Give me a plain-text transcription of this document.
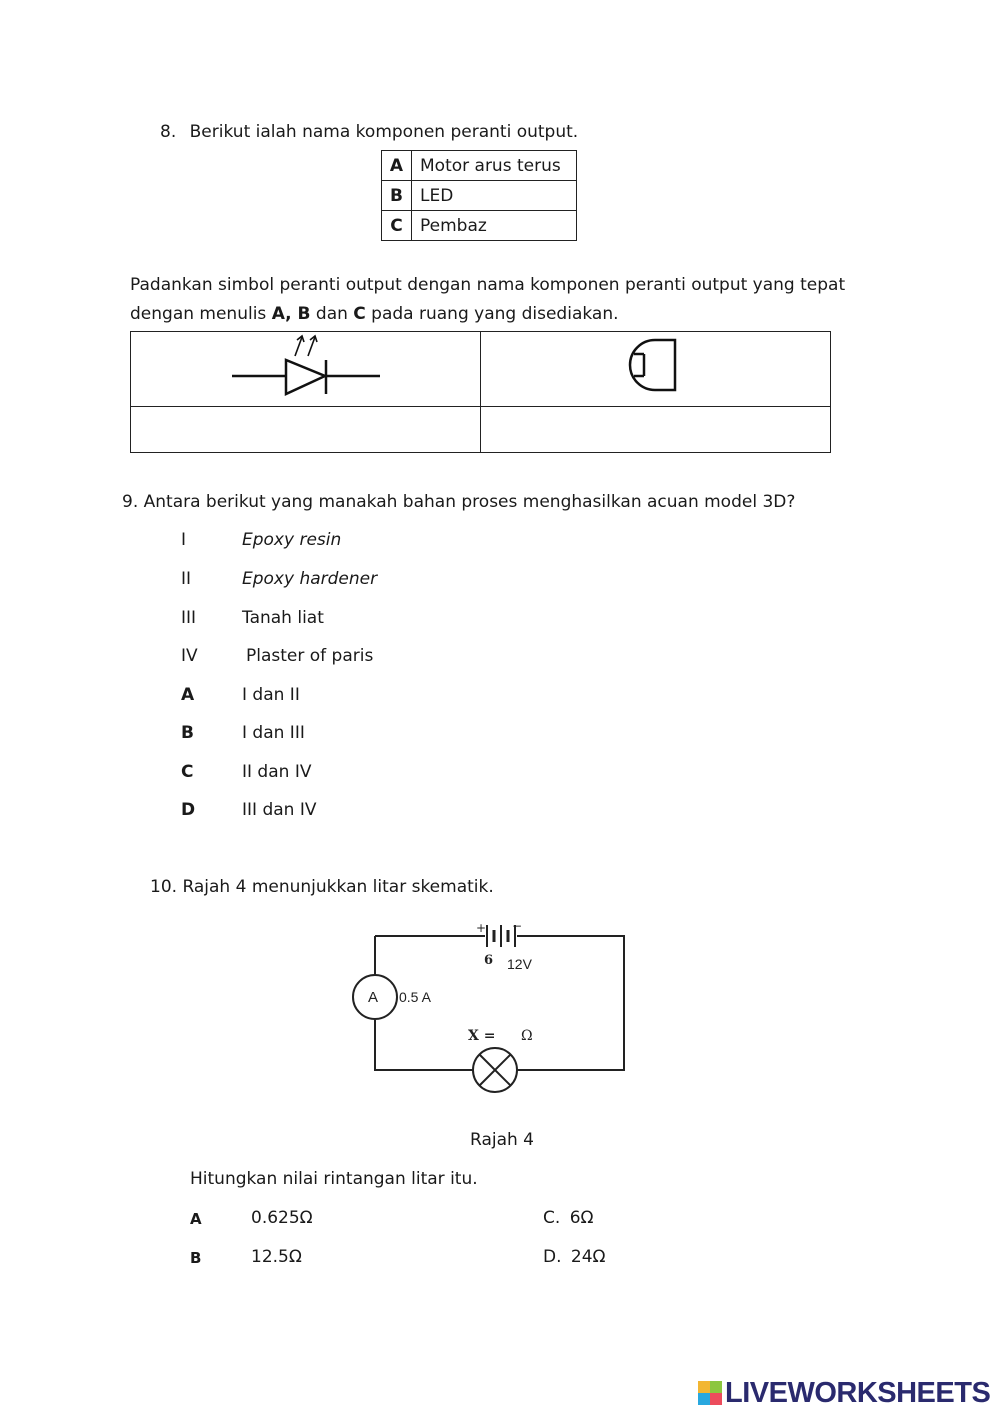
8. Berikut ialah nama komponen peranti output.
A	Motor arus terus
B	LED
C	Pembaz
Padankan simbol peranti output dengan nama komponen peranti output yang tepat
dengan menulis A, B dan C pada ruang yang disediakan.

9. Antara berikut yang manakah bahan proses menghasilkan acuan model 3D?
I	Epoxy resin
II	Epoxy hardener
III	Tanah liat
IV	Plaster of paris
A	I dan II
B	I dan III
C	II dan IV
D	III dan IV
10. Rajah 4 menunjukkan litar skematik.
+ −
6 12V
A 0.5 A
X = Ω
Rajah 4
Hitungkan nilai rintangan litar itu.
A	0.625Ω
B	12.5Ω
C. 6Ω
D. 24Ω
LIVEWORKSHEETS
